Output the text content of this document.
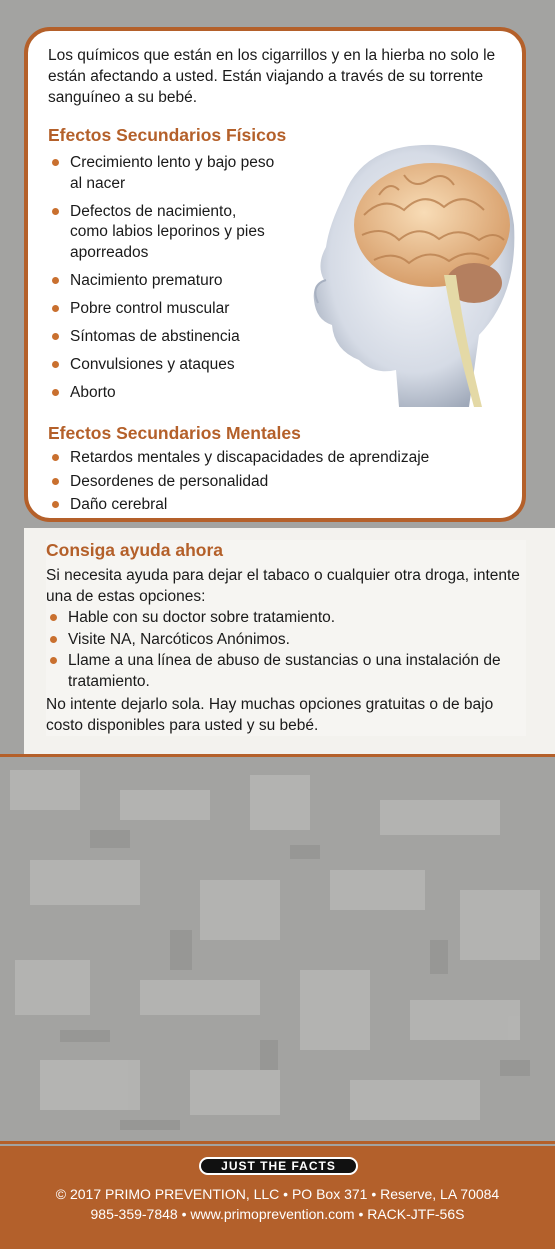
Los químicos que están en los cigarrillos y en la hierba no solo le están afectando a usted. Están viajando a través de su torrente sanguíneo a su bebé.

Efectos Secundarios Físicos
Crecimiento lento y bajo peso al nacer
Defectos de nacimiento, como labios leporinos y pies aporreados
Nacimiento prematuro
Pobre control muscular
Síntomas de abstinencia
Convulsiones y ataques
Aborto
Efectos Secundarios Mentales
Retardos mentales y discapacidades de aprendizaje
Desordenes de personalidad
Daño cerebral
Consiga ayuda ahora

Si necesita ayuda para dejar el tabaco o cualquier otra droga, intente una de estas opciones:

Hable con su doctor sobre tratamiento.
Visite NA, Narcóticos Anónimos.
Llame a una línea de abuso de sustancias o una instalación de tratamiento.

No intente dejarlo sola. Hay muchas opciones gratuitas o de bajo costo disponibles para usted y su bebé.

JUST THE FACTS
© 2017 PRIMO PREVENTION, LLC • PO Box 371 • Reserve, LA 70084
985-359-7848 • www.primoprevention.com • RACK-JTF-56S
